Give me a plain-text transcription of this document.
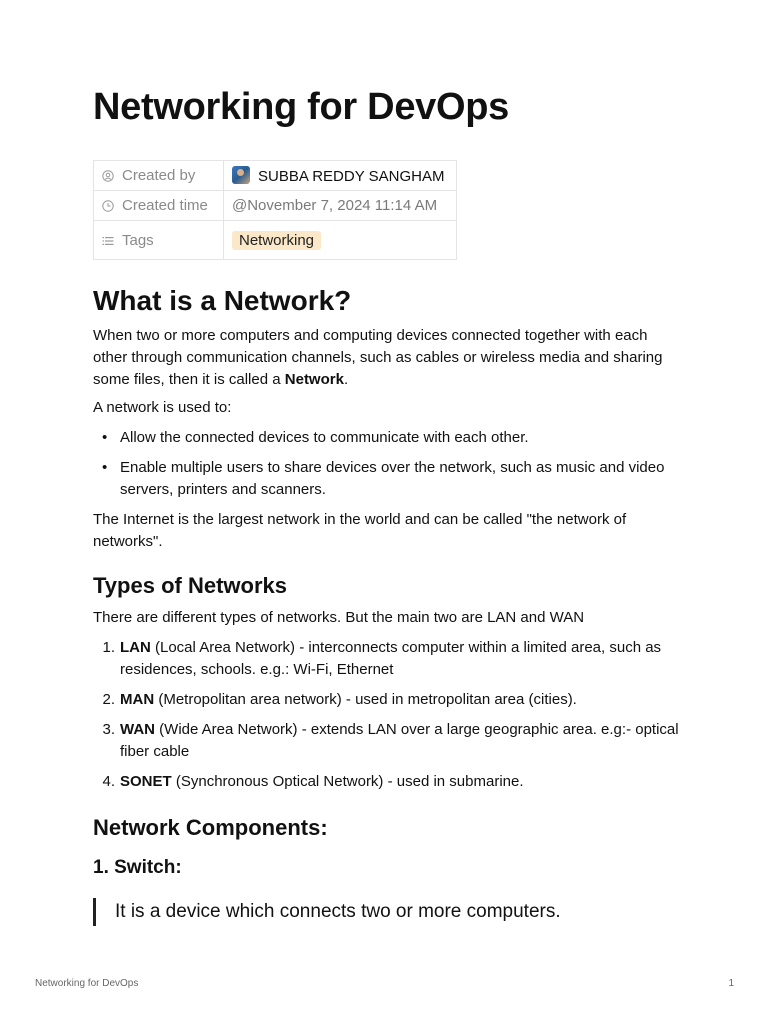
Networking for DevOps
Created by	SUBBA REDDY SANGHAM
Created time	@November 7, 2024 11:14 AM
Tags	Networking
What is a Network?

When two or more computers and computing devices connected together with each other through communication channels, such as cables or wireless media and sharing some files, then it is called a Network.

A network is used to:

• Allow the connected devices to communicate with each other.
• Enable multiple users to share devices over the network, such as music and video servers, printers and scanners.

The Internet is the largest network in the world and can be called "the network of networks".

Types of Networks

There are different types of networks. But the main two are LAN and WAN

1. LAN (Local Area Network) - interconnects computer within a limited area, such as residences, schools. e.g.: Wi-Fi, Ethernet
2. MAN (Metropolitan area network) - used in metropolitan area (cities).
3. WAN (Wide Area Network) - extends LAN over a large geographic area. e.g:- optical fiber cable
4. SONET (Synchronous Optical Network) - used in submarine.
Network Components:
1. Switch:
It is a device which connects two or more computers.
Networking for DevOps	1
